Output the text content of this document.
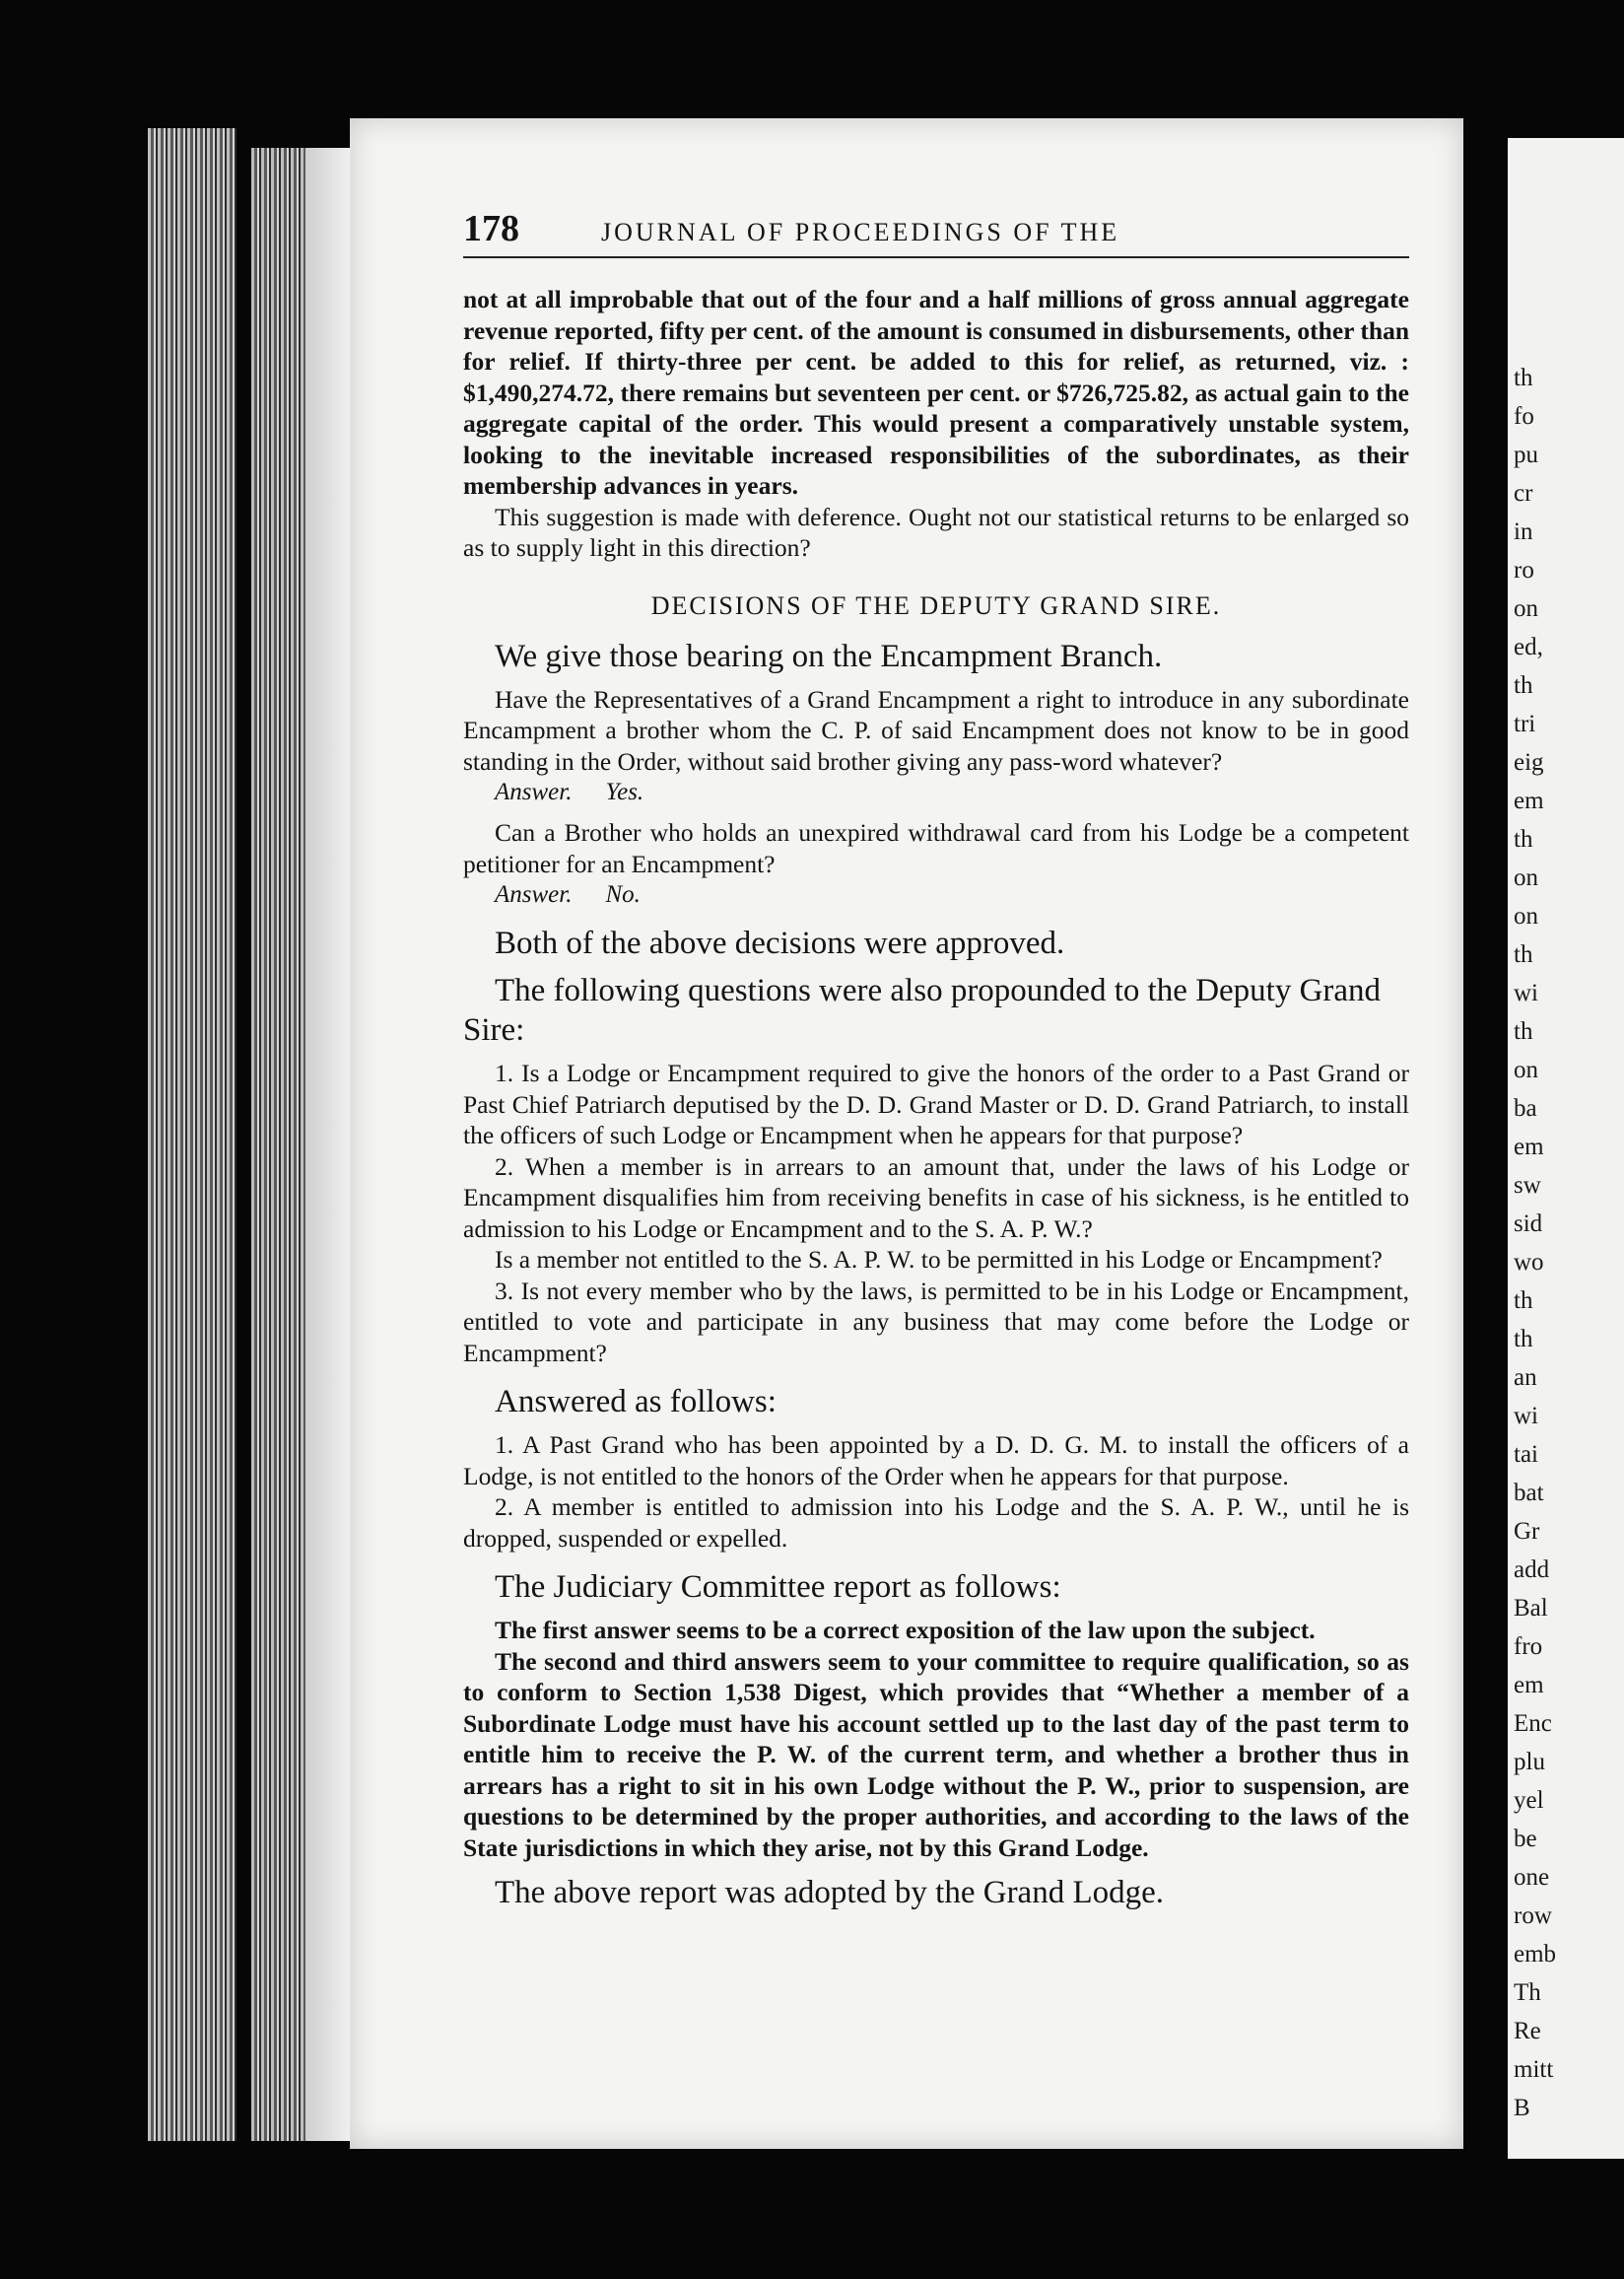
th
fo
pu
cr
in
ro
on
ed,
th
tri
eig
em
th
on
on
th
wi
th
on
ba
em
sw
sid
wo
th
th
an
wi
tai
bat
Gr
add
Bal
fro
em
Enc
plu
yel
be
one
row
emb
Th
Re
mitt
B
178	JOURNAL OF PROCEEDINGS OF THE

not at all improbable that out of the four and a half millions of gross annual aggregate revenue reported, fifty per cent. of the amount is consumed in disbursements, other than for relief. If thirty-three per cent. be added to this for relief, as returned, viz. : $1,490,274.72, there remains but seventeen per cent. or $726,725.82, as actual gain to the aggregate capital of the order. This would present a comparatively unstable system, looking to the inevitable increased responsibilities of the subordinates, as their membership advances in years.

This suggestion is made with deference. Ought not our statistical returns to be enlarged so as to supply light in this direction?

DECISIONS OF THE DEPUTY GRAND SIRE.

We give those bearing on the Encampment Branch.

Have the Representatives of a Grand Encampment a right to introduce in any subordinate Encampment a brother whom the C. P. of said Encampment does not know to be in good standing in the Order, without said brother giving any pass-word whatever?

Answer. Yes.

Can a Brother who holds an unexpired withdrawal card from his Lodge be a competent petitioner for an Encampment?

Answer. No.

Both of the above decisions were approved.

The following questions were also propounded to the Deputy Grand Sire:

1. Is a Lodge or Encampment required to give the honors of the order to a Past Grand or Past Chief Patriarch deputised by the D. D. Grand Master or D. D. Grand Patriarch, to install the officers of such Lodge or Encampment when he appears for that purpose?

2. When a member is in arrears to an amount that, under the laws of his Lodge or Encampment disqualifies him from receiving benefits in case of his sickness, is he entitled to admission to his Lodge or Encampment and to the S. A. P. W.?

Is a member not entitled to the S. A. P. W. to be permitted in his Lodge or Encampment?

3. Is not every member who by the laws, is permitted to be in his Lodge or Encampment, entitled to vote and participate in any business that may come before the Lodge or Encampment?

Answered as follows:

1. A Past Grand who has been appointed by a D. D. G. M. to install the officers of a Lodge, is not entitled to the honors of the Order when he appears for that purpose.

2. A member is entitled to admission into his Lodge and the S. A. P. W., until he is dropped, suspended or expelled.

The Judiciary Committee report as follows:

The first answer seems to be a correct exposition of the law upon the subject.

The second and third answers seem to your committee to require qualification, so as to conform to Section 1,538 Digest, which provides that “Whether a member of a Subordinate Lodge must have his account settled up to the last day of the past term to entitle him to receive the P. W. of the current term, and whether a brother thus in arrears has a right to sit in his own Lodge without the P. W., prior to suspension, are questions to be determined by the proper authorities, and according to the laws of the State jurisdictions in which they arise, not by this Grand Lodge.

The above report was adopted by the Grand Lodge.
